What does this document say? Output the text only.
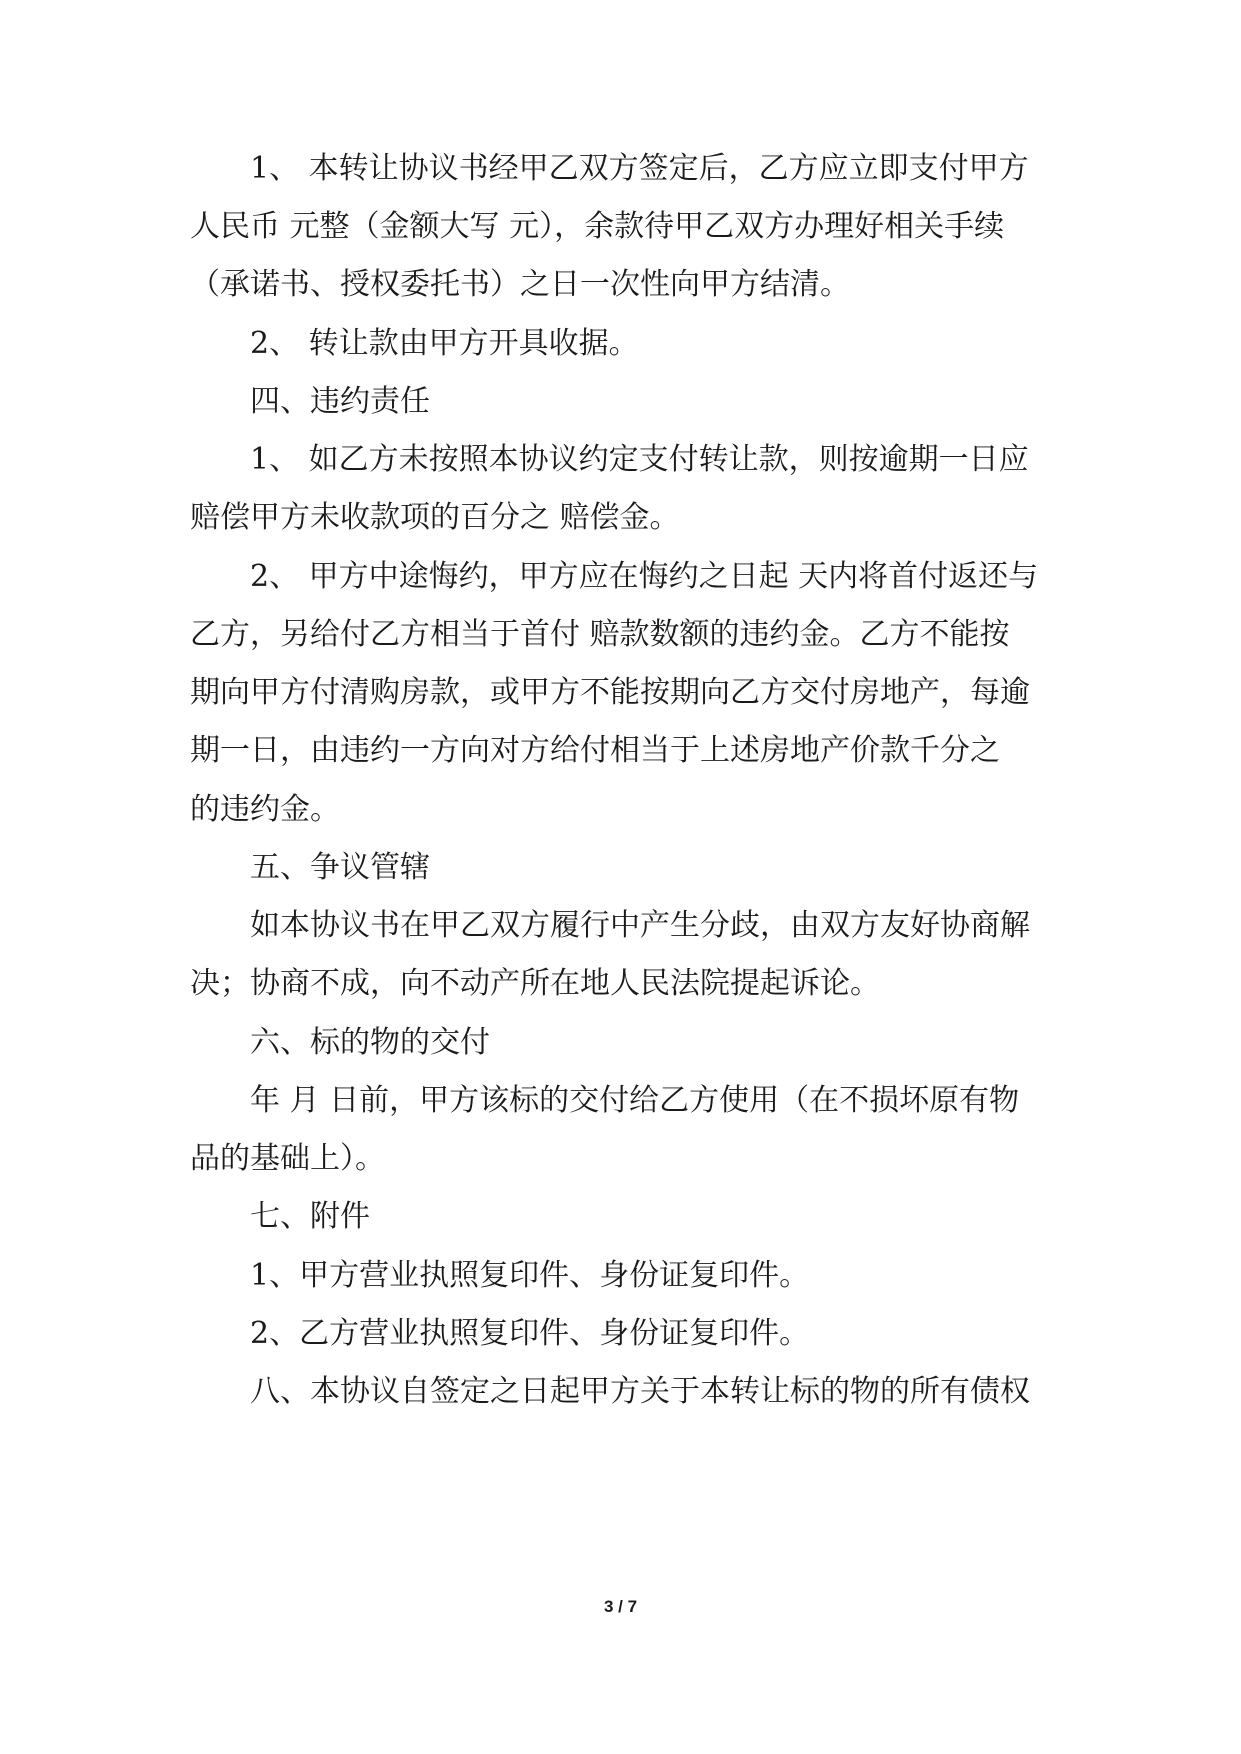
1、 本转让协议书经甲乙双方签定后，乙方应立即支付甲方
人民币 元整（金额大写 元），余款待甲乙双方办理好相关手续
（承诺书、授权委托书）之日一次性向甲方结清。
2、 转让款由甲方开具收据。
四、违约责任
1、 如乙方未按照本协议约定支付转让款，则按逾期一日应
赔偿甲方未收款项的百分之 赔偿金。
2、 甲方中途悔约，甲方应在悔约之日起 天内将首付返还与
乙方，另给付乙方相当于首付 赔款数额的违约金。乙方不能按
期向甲方付清购房款，或甲方不能按期向乙方交付房地产，每逾
期一日，由违约一方向对方给付相当于上述房地产价款千分之
的违约金。
五、争议管辖
如本协议书在甲乙双方履行中产生分歧，由双方友好协商解
决；协商不成，向不动产所在地人民法院提起诉论。
六、标的物的交付
年 月 日前，甲方该标的交付给乙方使用（在不损坏原有物
品的基础上）。
七、附件
1、甲方营业执照复印件、身份证复印件。
2、乙方营业执照复印件、身份证复印件。
八、本协议自签定之日起甲方关于本转让标的物的所有债权
3 / 7
